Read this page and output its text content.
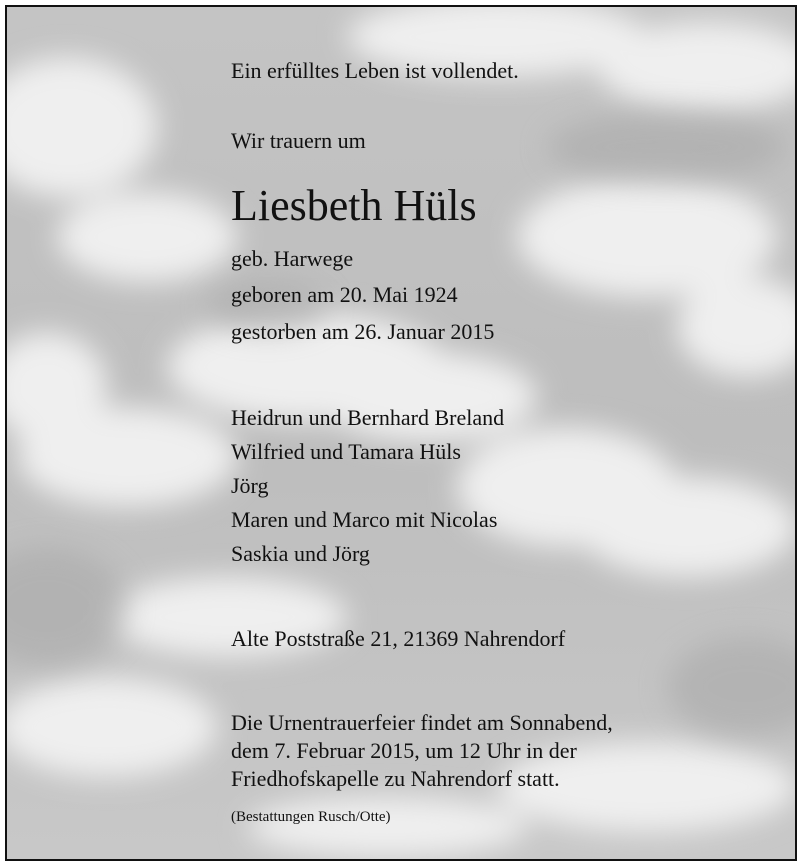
Ein erfülltes Leben ist vollendet.
Wir trauern um
Liesbeth Hüls
geb. Harwege
geboren am 20. Mai 1924
gestorben am 26. Januar 2015
Heidrun und Bernhard Breland
Wilfried und Tamara Hüls
Jörg
Maren und Marco mit Nicolas
Saskia und Jörg
Alte Poststraße 21, 21369 Nahrendorf
Die Urnentrauerfeier findet am Sonnabend,
dem 7. Februar 2015, um 12 Uhr in der
Friedhofskapelle zu Nahrendorf statt.
(Bestattungen Rusch/Otte)
